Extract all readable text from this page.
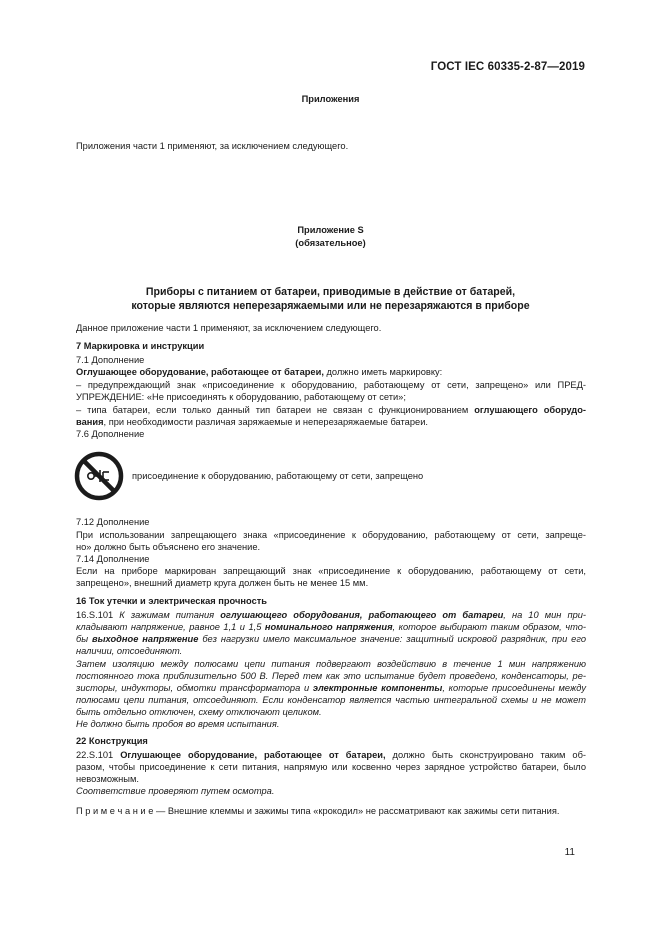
ГОСТ IEC 60335-2-87—2019
Приложения
Приложения части 1 применяют, за исключением следующего.
Приложение S
(обязательное)
Приборы с питанием от батареи, приводимые в действие от батарей,
которые являются неперезаряжаемыми или не перезаряжаются в приборе
Данное приложение части 1 применяют, за исключением следующего.
7 Маркировка и инструкции
7.1 Дополнение
Оглушающее оборудование, работающее от батареи, должно иметь маркировку:
– предупреждающий знак «присоединение к оборудованию, работающему от сети, запрещено» или ПРЕД-
УПРЕЖДЕНИЕ: «Не присоединять к оборудованию, работающему от сети»;
– типа батареи, если только данный тип батареи не связан с функционированием оглушающего оборудо-
вания, при необходимости различая заряжаемые и неперезаряжаемые батареи.
7.6 Дополнение
присоединение к оборудованию, работающему от сети, запрещено
7.12 Дополнение
При использовании запрещающего знака «присоединение к оборудованию, работающему от сети, запреще-
но» должно быть объяснено его значение.
7.14 Дополнение
Если на приборе маркирован запрещающий знак «присоединение к оборудованию, работающему от сети,
запрещено», внешний диаметр круга должен быть не менее 15 мм.
16 Ток утечки и электрическая прочность
16.S.101 К зажимам питания оглушающего оборудования, работающего от батареи, на 10 мин при-
кладывают напряжение, равное 1,1 и 1,5 номинального напряжения, которое выбирают таким образом, что-
бы выходное напряжение без нагрузки имело максимальное значение: защитный искровой разрядник, при его
наличии, отсоединяют.
Затем изоляцию между полюсами цепи питания подвергают воздействию в течение 1 мин напряжению
постоянного тока приблизительно 500 В. Перед тем как это испытание будет проведено, конденсаторы, ре-
зисторы, индукторы, обмотки трансформатора и электронные компоненты, которые присоединены между
полюсами цепи питания, отсоединяют. Если конденсатор является частью интегральной схемы и не может
быть отдельно отключен, схему отключают целиком.
Не должно быть пробоя во время испытания.
22 Конструкция
22.S.101 Оглушающее оборудование, работающее от батареи, должно быть сконструировано таким об-
разом, чтобы присоединение к сети питания, напрямую или косвенно через зарядное устройство батареи, было
невозможным.
Соответствие проверяют путем осмотра.
П р и м е ч а н и е — Внешние клеммы и зажимы типа «крокодил» не рассматривают как зажимы сети питания.
11
